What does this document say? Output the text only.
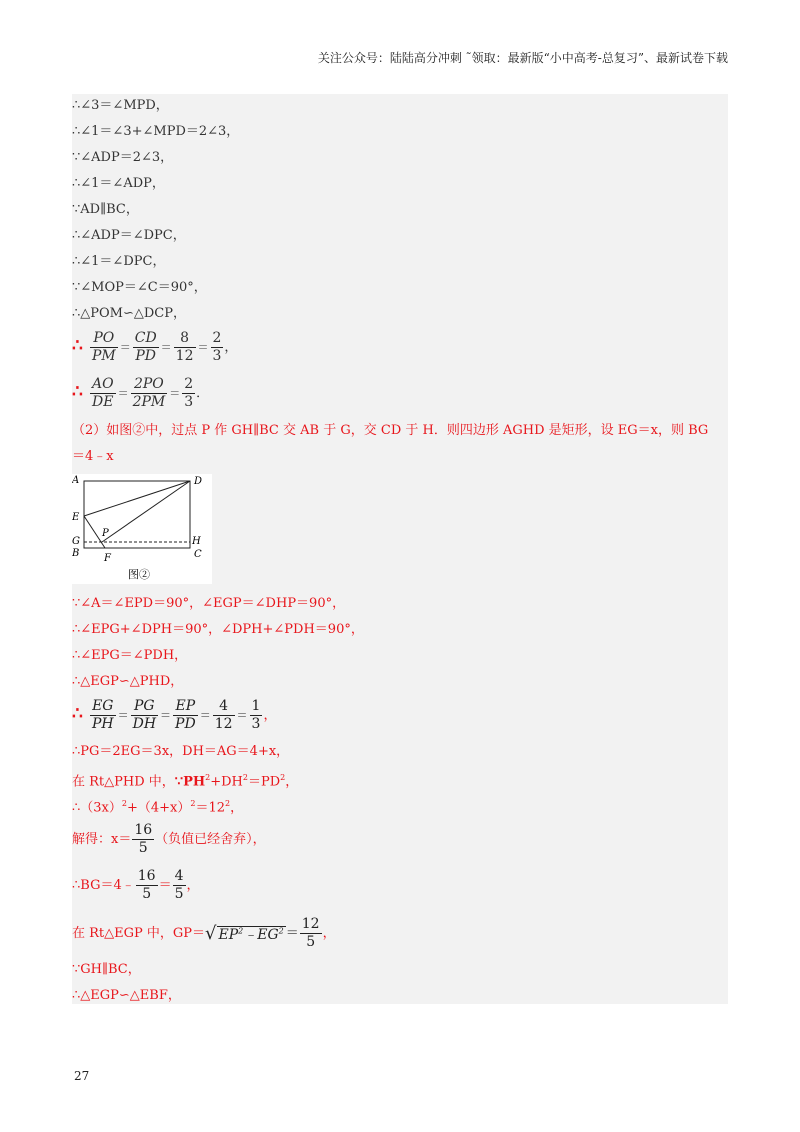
关注公众号：陆陆高分冲刺 ˜领取：最新版“小中高考-总复习”、最新试卷下载
∴∠3＝∠MPD，
∴∠1＝∠3+∠MPD＝2∠3，
∵∠ADP＝2∠3，
∴∠1＝∠ADP，
∵AD∥BC，
∴∠ADP＝∠DPC，
∴∠1＝∠DPC，
∵∠MOP＝∠C＝90°，
∴△POM∽△DCP，
∴ $\frac{PO}{PM} = \frac{CD}{PD} = \frac{8}{12} = \frac{2}{3}$ ，
∴ $\frac{AO}{DE} = \frac{2PO}{2PM} = \frac{2}{3}$ ．
（2）如图②中，过点 P 作 GH∥BC 交 AB 于 G，交 CD 于 H．则四边形 AGHD 是矩形，设 EG＝x，则 BG
＝4﹣x
A	D
E
P
G	H
B F	C
图②
∵∠A＝∠EPD＝90°，∠EGP＝∠DHP＝90°，
∴∠EPG+∠DPH＝90°，∠DPH+∠PDH＝90°，
∴∠EPG＝∠PDH，
∴△EGP∽△PHD，
∴ $\frac{EG}{PH} = \frac{PG}{DH} = \frac{EP}{PD} = \frac{4}{12} = \frac{1}{3}$ ，
∴PG＝2EG＝3x，DH＝AG＝4+x，
在 Rt△PHD 中，$\because PH^2+DH^2=PD^2$，
$\therefore(3x)^2+(4+x)^2=12^2$，
解得：$x= \frac{16}{5}$ （负值已经舍弃），
∴BG＝4﹣ $\frac{16}{5} = \frac{4}{5}$ ，
在 Rt△EGP 中，GP＝√ $EP^2﹣EG^2 = \frac{12}{5}$ ，
∵GH∥BC，
∴△EGP∽△EBF，
27
